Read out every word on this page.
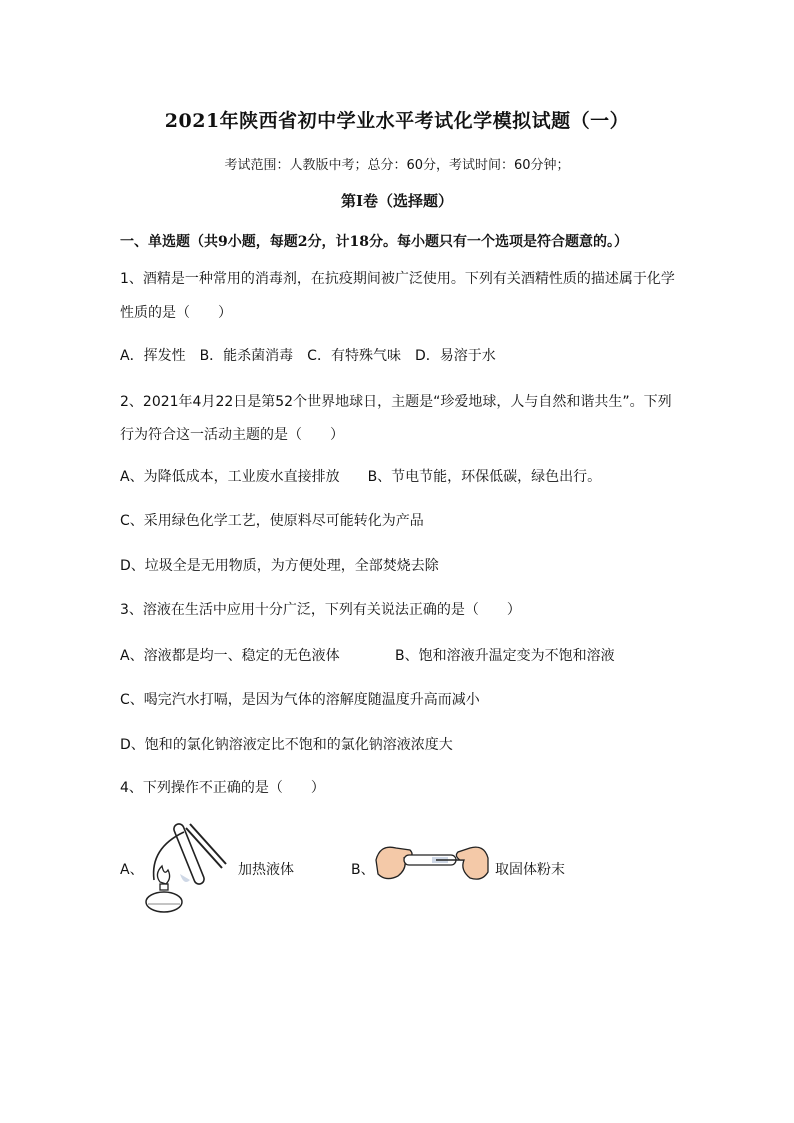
2021年陕西省初中学业水平考试化学模拟试题（一）
考试范围：人教版中考；总分：60分，考试时间：60分钟；
第I卷（选择题）
一、单选题（共9小题，每题2分，计18分。每小题只有一个选项是符合题意的。）
1、酒精是一种常用的消毒剂，在抗疫期间被广泛使用。下列有关酒精性质的描述属于化学
性质的是（　　）
A．挥发性　B．能杀菌消毒　C．有特殊气味　D．易溶于水
2、2021年4月22日是第52个世界地球日，主题是“珍爱地球，人与自然和谐共生”。下列
行为符合这一活动主题的是（　　）
A、为降低成本，工业废水直接排放　　B、节电节能，环保低碳，绿色出行。
C、采用绿色化学工艺，使原料尽可能转化为产品
D、垃圾全是无用物质，为方便处理，全部焚烧去除
3、溶液在生活中应用十分广泛，下列有关说法正确的是（　　）
A、溶液都是均一、稳定的无色液体	B、饱和溶液升温定变为不饱和溶液
C、喝完汽水打嗝，是因为气体的溶解度随温度升高而减小
D、饱和的氯化钠溶液定比不饱和的氯化钠溶液浓度大
4、下列操作不正确的是（　　）
A、	加热液体	B、	取固体粉末
